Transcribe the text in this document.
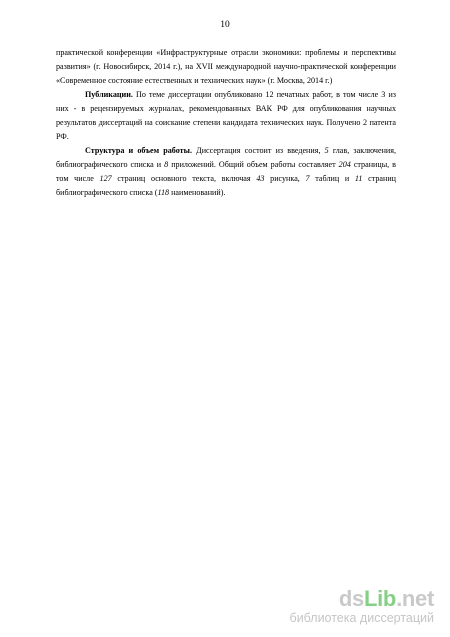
10

практической конференции «Инфраструктурные отрасли экономики: проблемы и перспективы развития» (г. Новосибирск, 2014 г.), на XVII международной научно-практической конференции «Современное состояние естественных и технических наук» (г. Москва, 2014 г.)

Публикации. По теме диссертации опубликовано 12 печатных работ, в том числе 3 из них - в рецензируемых журналах, рекомендованных ВАК РФ для опубликования научных результатов диссертаций на соискание степени кандидата технических наук. Получено 2 патента РФ.

Структура и объем работы. Диссертация состоит из введения, 5 глав, заключения, библиографического списка и 8 приложений. Общий объем работы составляет 204 страницы, в том числе 127 страниц основного текста, включая 43 рисунка, 7 таблиц и 11 страниц библиографического списка (118 наименований).

dsLib.net
библиотека диссертаций
